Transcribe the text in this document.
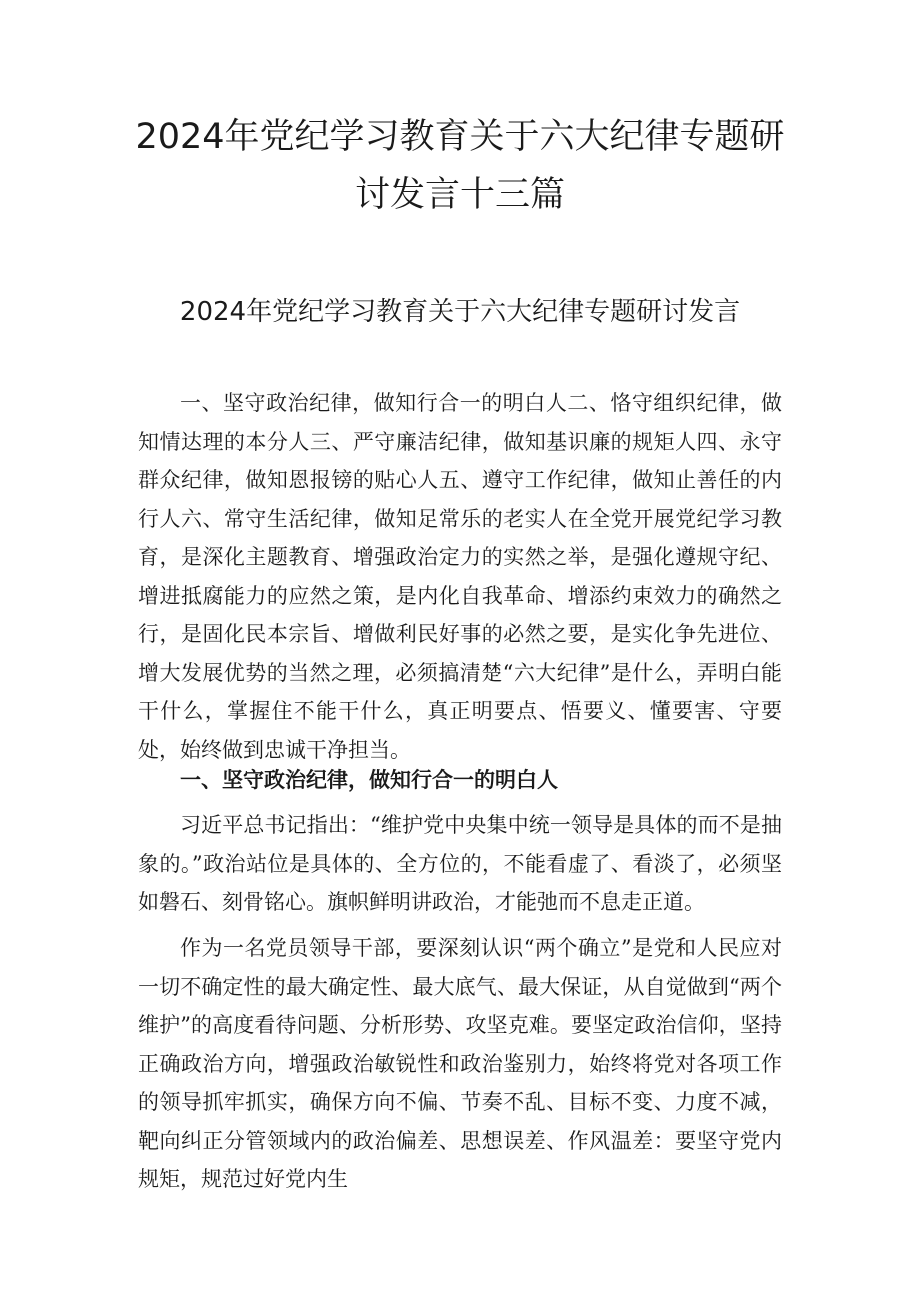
2024年党纪学习教育关于六大纪律专题研
讨发言十三篇
2024年党纪学习教育关于六大纪律专题研讨发言

一、坚守政治纪律，做知行合一的明白人二、恪守组织纪律，做知情达理的本分人三、严守廉洁纪律，做知基识廉的规矩人四、永守群众纪律，做知恩报镑的贴心人五、遵守工作纪律，做知止善任的内行人六、常守生活纪律，做知足常乐的老实人在全党开展党纪学习教育，是深化主题教育、增强政治定力的实然之举，是强化遵规守纪、增进抵腐能力的应然之策，是内化自我革命、增添约束效力的确然之行，是固化民本宗旨、增做利民好事的必然之要，是实化争先进位、增大发展优势的当然之理，必须搞清楚“六大纪律”是什么，弄明白能干什么，掌握住不能干什么，真正明要点、悟要义、懂要害、守要处，始终做到忠诚干净担当。

一、坚守政治纪律，做知行合一的明白人

习近平总书记指出：“维护党中央集中统一领导是具体的而不是抽象的。”政治站位是具体的、全方位的，不能看虚了、看淡了，必须坚如磐石、刻骨铭心。旗帜鲜明讲政治，才能弛而不息走正道。

作为一名党员领导干部，要深刻认识“两个确立”是党和人民应对一切不确定性的最大确定性、最大底气、最大保证，从自觉做到“两个维护”的高度看待问题、分析形势、攻坚克难。要坚定政治信仰，坚持正确政治方向，增强政治敏锐性和政治鉴别力，始终将党对各项工作的领导抓牢抓实，确保方向不偏、节奏不乱、目标不变、力度不减，靶向纠正分管领域内的政治偏差、思想误差、作风温差：要坚守党内规矩，规范过好党内生
